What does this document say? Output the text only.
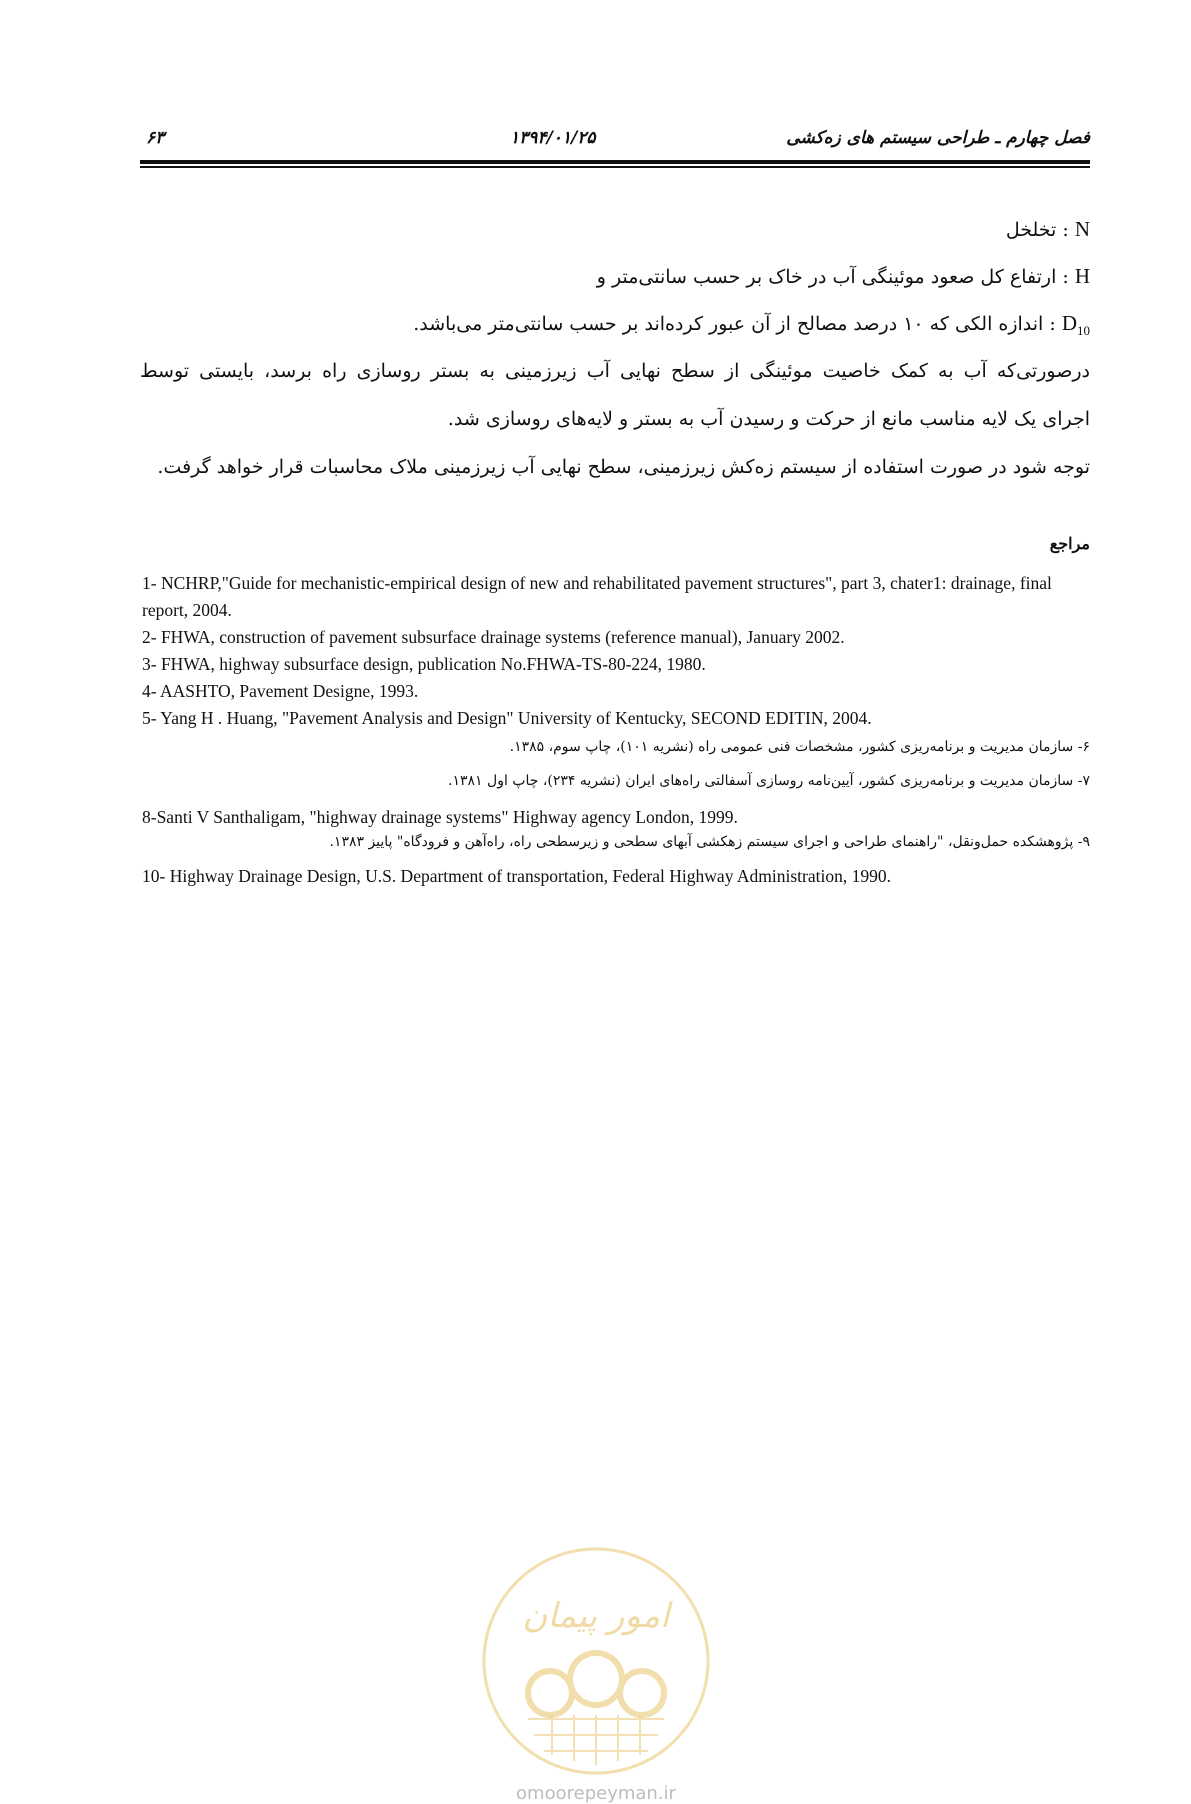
فصل چهارم ـ طراحی سیستم های زه‌کشی
۱۳۹۴/۰۱/۲۵
۶۳
N : تخلخل
H : ارتفاع کل صعود موئینگی آب در خاک بر حسب سانتی‌متر و
$D_{10}$ : اندازه الکی که ۱۰ درصد مصالح از آن عبور کرده‌اند بر حسب سانتی‌متر می‌باشد.
درصورتی‌که آب به کمک خاصیت موئینگی از سطح نهایی آب زیرزمینی به بستر روسازی راه برسد، بایستی توسط
اجرای یک لایه مناسب مانع از حرکت و رسیدن آب به بستر و لایه‌های روسازی شد.
توجه شود در صورت استفاده از سیستم زه‌کش زیرزمینی، سطح نهایی آب زیرزمینی ملاک محاسبات قرار خواهد گرفت.
مراجع
1- NCHRP,"Guide for mechanistic-empirical design of new and rehabilitated pavement structures", part 3, chater1: drainage, final report, 2004.
2- FHWA, construction of pavement subsurface drainage systems (reference manual), January 2002.
3- FHWA, highway subsurface design, publication No.FHWA-TS-80-224, 1980.
4- AASHTO, Pavement Designe, 1993.
5- Yang H . Huang, "Pavement Analysis and Design" University of Kentucky, SECOND EDITIN, 2004.
۶- سازمان مدیریت و برنامه‌ریزی کشور، مشخصات فنی عمومی راه (نشریه ۱۰۱)، چاپ سوم، ۱۳۸۵.
۷- سازمان مدیریت و برنامه‌ریزی کشور، آیین‌نامه روسازی آسفالتی راه‌های ایران (نشریه ۲۳۴)، چاپ اول ۱۳۸۱.
8-Santi V Santhaligam, "highway drainage systems" Highway agency London, 1999.
۹- پژوهشکده حمل‌ونقل، "راهنمای طراحی و اجرای سیستم زهکشی آبهای سطحی و زیرسطحی راه، راه‌آهن و فرودگاه" پاییز ۱۳۸۳.
10- Highway Drainage Design, U.S. Department of transportation, Federal Highway Administration, 1990.
امور پیمان
omoorepeyman.ir
